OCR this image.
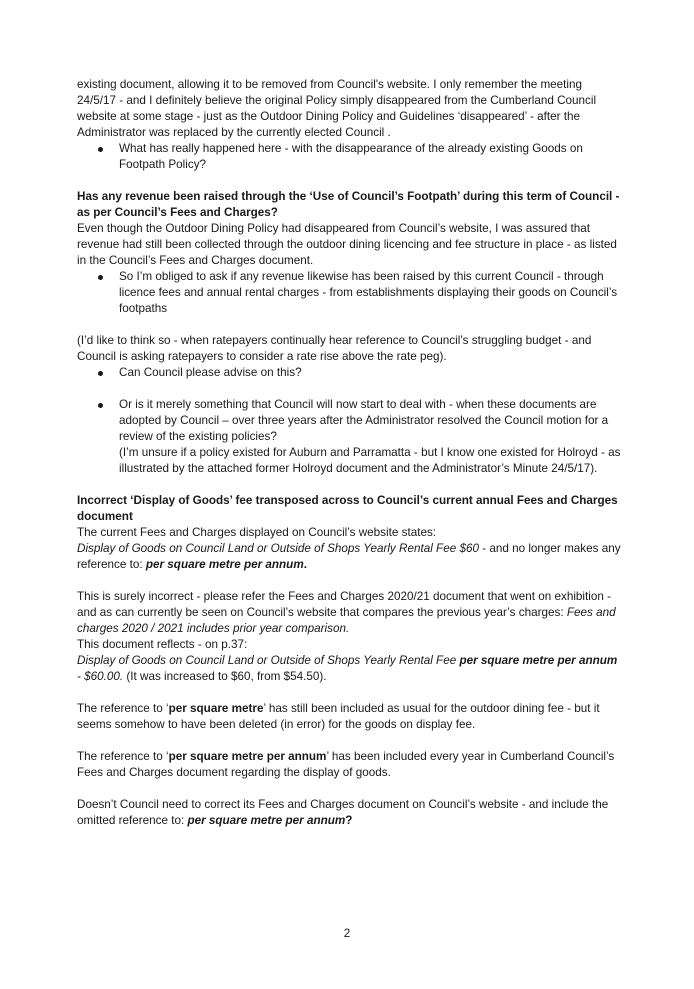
existing document, allowing it to be removed from Council's website. I only remember the meeting 24/5/17 - and I definitely believe the original Policy simply disappeared from the Cumberland Council website at some stage - just as the Outdoor Dining Policy and Guidelines ‘disappeared’ - after the Administrator was replaced by the currently elected Council .

What has really happened here - with the disappearance of the already existing Goods on Footpath Policy?

Has any revenue been raised through the ‘Use of Council’s Footpath’ during this term of Council - as per Council’s Fees and Charges?

Even though the Outdoor Dining Policy had disappeared from Council’s website, I was assured that revenue had still been collected through the outdoor dining licencing and fee structure in place - as listed in the Council’s Fees and Charges document.

So I’m obliged to ask if any revenue likewise has been raised by this current Council - through licence fees and annual rental charges - from establishments displaying their goods on Council’s footpaths

(I’d like to think so - when ratepayers continually hear reference to Council’s struggling budget - and Council is asking ratepayers to consider a rate rise above the rate peg).

Can Council please advise on this?
Or is it merely something that Council will now start to deal with - when these documents are adopted by Council – over three years after the Administrator resolved the Council motion for a review of the existing policies?
(I’m unsure if a policy existed for Auburn and Parramatta - but I know one existed for Holroyd - as illustrated by the attached former Holroyd document and the Administrator’s Minute 24/5/17).

Incorrect ‘Display of Goods’ fee transposed across to Council’s current annual Fees and Charges document

The current Fees and Charges displayed on Council’s website states:

Display of Goods on Council Land or Outside of Shops Yearly Rental Fee $60 - and no longer makes any reference to: per square metre per annum.

This is surely incorrect - please refer the Fees and Charges 2020/21 document that went on exhibition - and as can currently be seen on Council’s website that compares the previous year’s charges: Fees and charges 2020 / 2021 includes prior year comparison.

This document reflects - on p.37:

Display of Goods on Council Land or Outside of Shops Yearly Rental Fee per square metre per annum - $60.00. (It was increased to $60, from $54.50).

The reference to ‘per square metre’ has still been included as usual for the outdoor dining fee - but it seems somehow to have been deleted (in error) for the goods on display fee.

The reference to ‘per square metre per annum’ has been included every year in Cumberland Council’s Fees and Charges document regarding the display of goods.

Doesn’t Council need to correct its Fees and Charges document on Council’s website - and include the omitted reference to: per square metre per annum?

2
